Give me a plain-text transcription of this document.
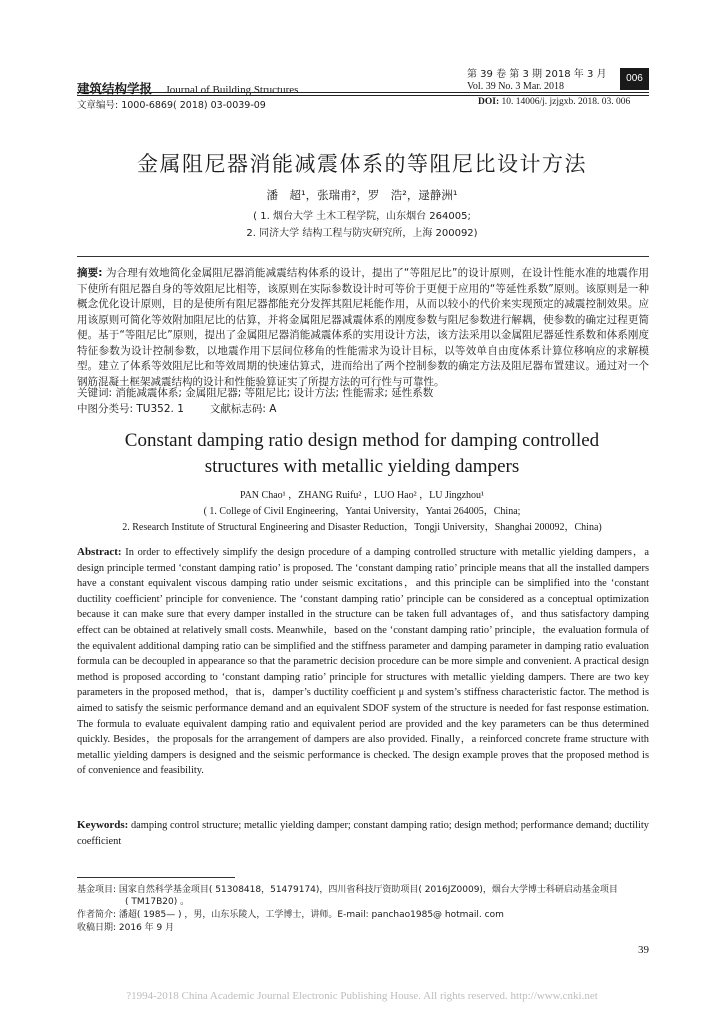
建筑结构学报 Journal of Building Structures
第 39 卷 第 3 期 2018 年 3 月
Vol. 39 No. 3 Mar. 2018
006
文章编号: 1000-6869( 2018) 03-0039-09	DOI: 10. 14006/j. jzjgxb. 2018. 03. 006
金属阻尼器消能减震体系的等阻尼比设计方法
潘　超¹，张瑞甫²，罗　浩²，逯静洲¹
( 1. 烟台大学 土木工程学院，山东烟台 264005;
2. 同济大学 结构工程与防灾研究所，上海 200092)
摘要: 为合理有效地简化金属阻尼器消能减震结构体系的设计，提出了“等阻尼比”的设计原则，在设计性能水准的地震作用下使所有阻尼器自身的等效阻尼比相等，该原则在实际参数设计时可等价于更便于应用的“等延性系数”原则。该原则是一种概念优化设计原则，目的是使所有阻尼器都能充分发挥其阻尼耗能作用，从而以较小的代价来实现预定的减震控制效果。应用该原则可简化等效附加阻尼比的估算，并将金属阻尼器减震体系的刚度参数与阻尼参数进行解耦，使参数的确定过程更简便。基于“等阻尼比”原则，提出了金属阻尼器消能减震体系的实用设计方法，该方法采用以金属阻尼器延性系数和体系刚度特征参数为设计控制参数，以地震作用下层间位移角的性能需求为设计目标，以等效单自由度体系计算位移响应的求解模型。建立了体系等效阻尼比和等效周期的快速估算式，进而给出了两个控制参数的确定方法及阻尼器布置建议。通过对一个钢筋混凝土框架减震结构的设计和性能验算证实了所提方法的可行性与可靠性。
关键词: 消能减震体系; 金属阻尼器; 等阻尼比; 设计方法; 性能需求; 延性系数
中图分类号: TU352. 1 文献标志码: A
Constant damping ratio design method for damping controlled
structures with metallic yielding dampers
PAN Chao¹ ，ZHANG Ruifu² ，LUO Hao² ，LU Jingzhou¹
( 1. College of Civil Engineering，Yantai University，Yantai 264005，China;
2. Research Institute of Structural Engineering and Disaster Reduction，Tongji University，Shanghai 200092，China)
Abstract: In order to effectively simplify the design procedure of a damping controlled structure with metallic yielding dampers，a design principle termed ‘constant damping ratio’ is proposed. The ‘constant damping ratio’ principle means that all the installed dampers have a constant equivalent viscous damping ratio under seismic excitations，and this principle can be simplified into the ‘constant ductility coefficient’ principle for convenience. The ‘constant damping ratio’ principle can be considered as a conceptual optimization because it can make sure that every damper installed in the structure can be taken full advantages of，and thus satisfactory damping effect can be obtained at relatively small costs. Meanwhile，based on the ‘constant damping ratio’ principle，the evaluation formula of the equivalent additional damping ratio can be simplified and the stiffness parameter and damping parameter in damping ratio evaluation formula can be decoupled in appearance so that the parametric decision procedure can be more simple and convenient. A practical design method is proposed according to ‘constant damping ratio’ principle for structures with metallic yielding dampers. There are two key parameters in the proposed method，that is，damper’s ductility coefficient μ and system’s stiffness characteristic factor. The method is aimed to satisfy the seismic performance demand and an equivalent SDOF system of the structure is needed for fast response estimation. The formula to evaluate equivalent damping ratio and equivalent period are provided and the key parameters can be thus determined quickly. Besides，the proposals for the arrangement of dampers are also provided. Finally，a reinforced concrete frame structure with metallic yielding dampers is designed and the seismic performance is checked. The design example proves that the proposed method is of convenience and feasibility.
Keywords: damping control structure; metallic yielding damper; constant damping ratio; design method; performance demand; ductility coefficient
基金项目: 国家自然科学基金项目( 51308418，51479174)，四川省科技厅资助项目( 2016JZ0009)，烟台大学博士科研启动基金项目
( TM17B20) 。
作者简介: 潘超( 1985— ) ，男，山东乐陵人，工学博士，讲师。E-mail: panchao1985@ hotmail. com
收稿日期: 2016 年 9 月
39
?1994-2018 China Academic Journal Electronic Publishing House. All rights reserved. http://www.cnki.net
